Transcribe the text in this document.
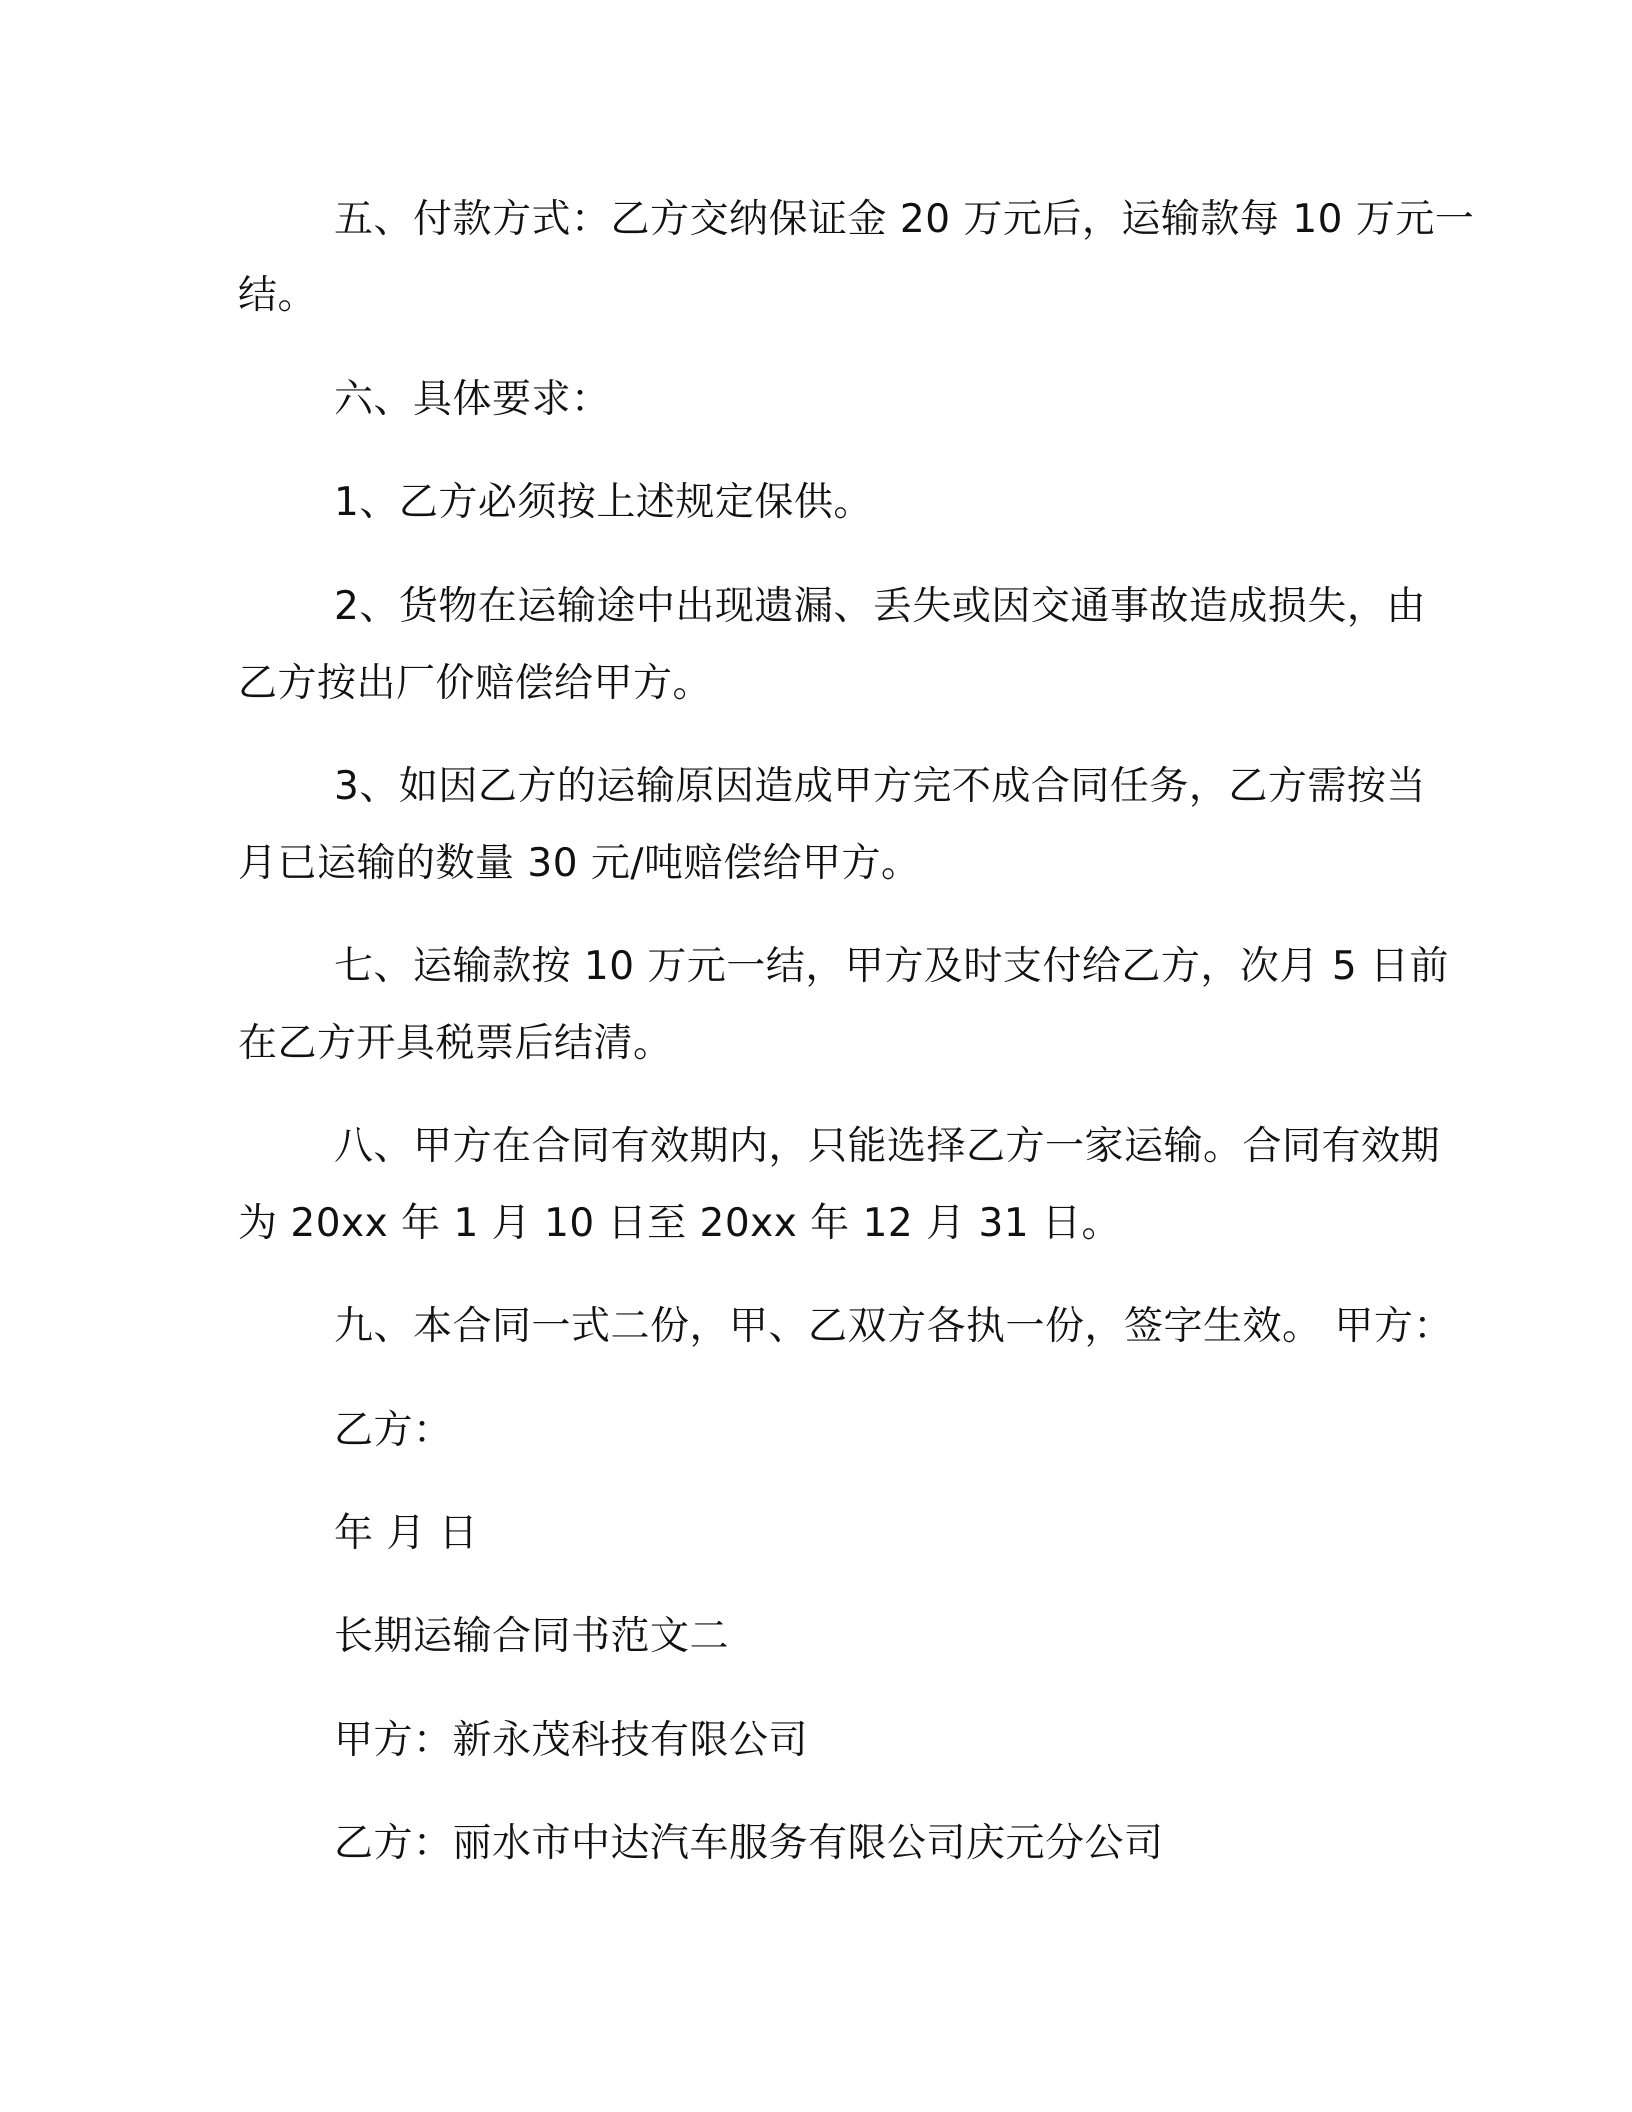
五、付款方式：乙方交纳保证金 20 万元后，运输款每 10 万元一
结。
六、具体要求：
1、乙方必须按上述规定保供。
2、货物在运输途中出现遗漏、丢失或因交通事故造成损失，由
乙方按出厂价赔偿给甲方。
3、如因乙方的运输原因造成甲方完不成合同任务，乙方需按当
月已运输的数量 30 元/吨赔偿给甲方。
七、运输款按 10 万元一结，甲方及时支付给乙方，次月 5 日前
在乙方开具税票后结清。
八、甲方在合同有效期内，只能选择乙方一家运输。合同有效期
为 20xx 年 1 月 10 日至 20xx 年 12 月 31 日。
九、本合同一式二份，甲、乙双方各执一份，签字生效。 甲方：
乙方：
年 月 日
长期运输合同书范文二
甲方：新永茂科技有限公司
乙方：丽水市中达汽车服务有限公司庆元分公司
